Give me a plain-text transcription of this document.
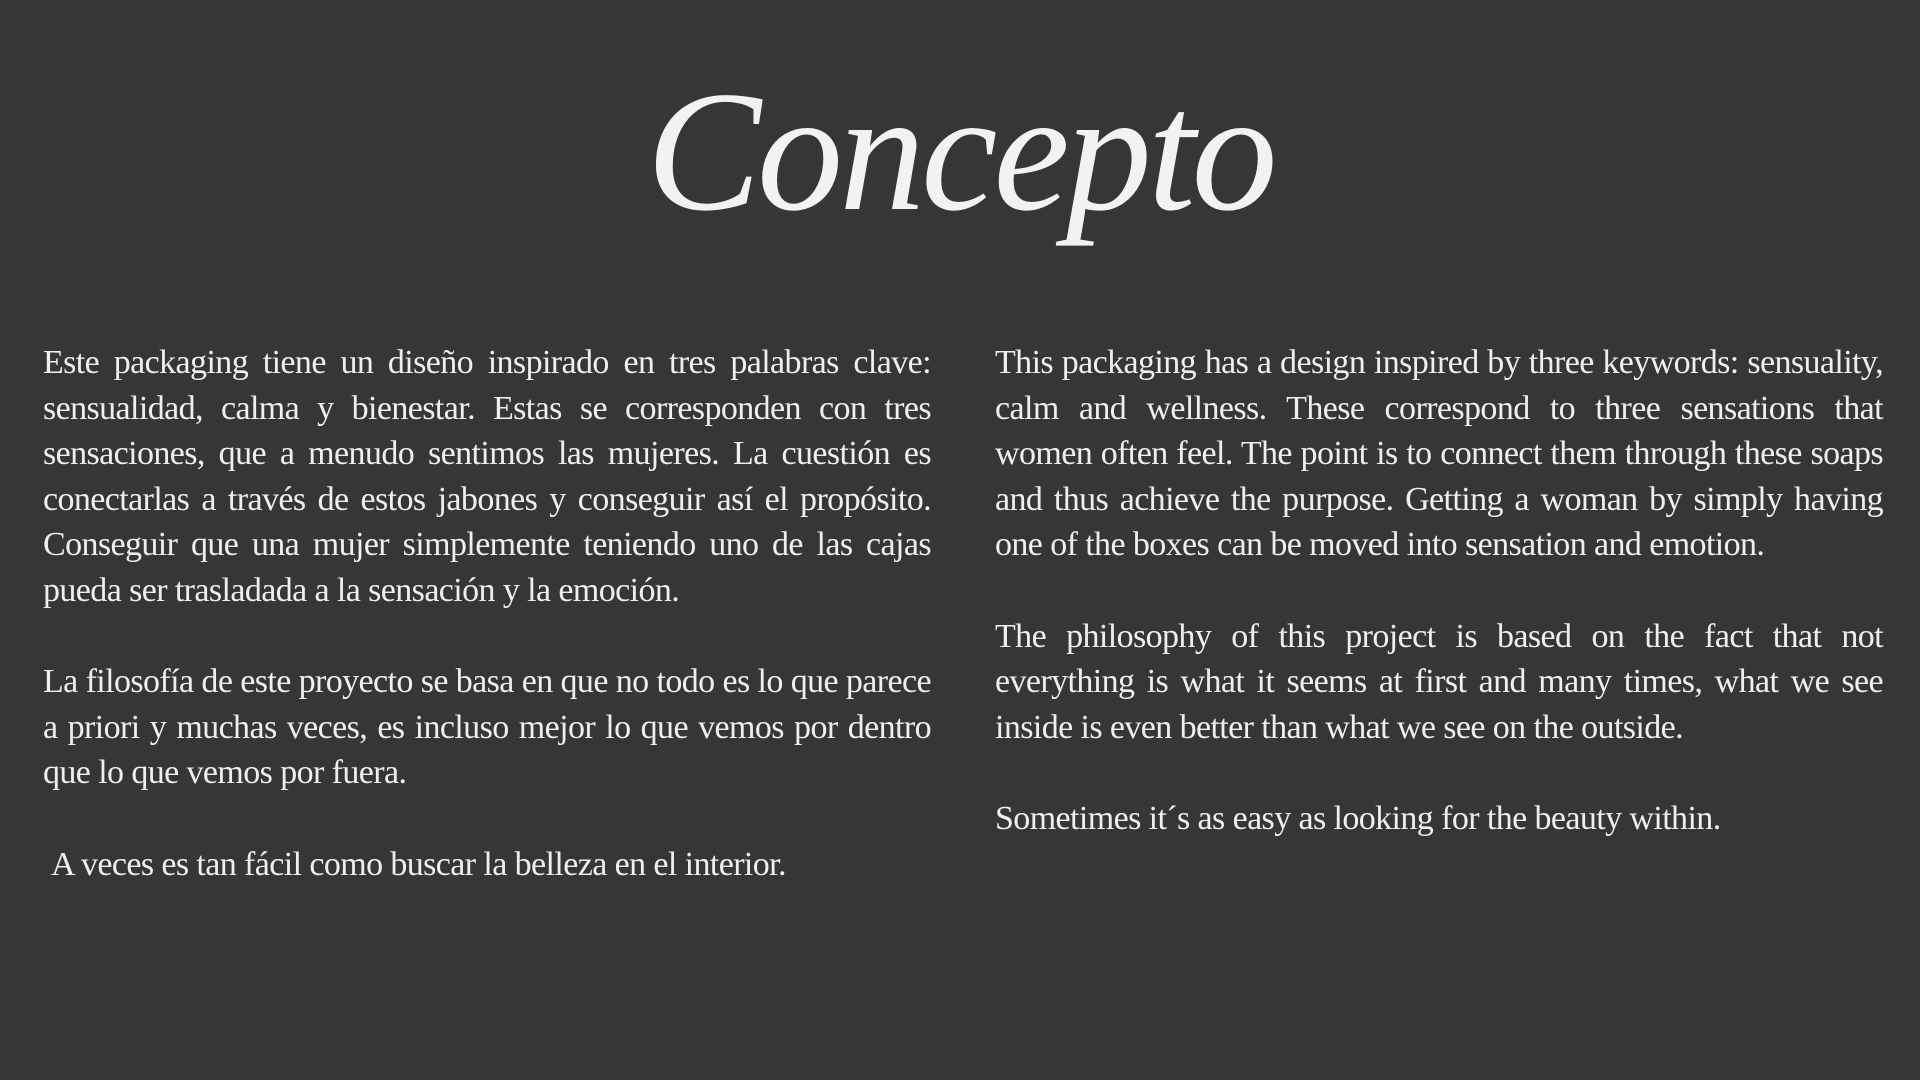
Concepto

Este packaging tiene un diseño inspirado en tres palabras clave: sensualidad, calma y bienestar. Estas se corresponden con tres sensaciones, que a menudo sentimos las mujeres. La cuestión es conectarlas a través de estos jabones y conseguir así el propósito. Conseguir que una mujer simplemente teniendo uno de las cajas pueda ser trasladada a la sensación y la emoción.

La filosofía de este proyecto se basa en que no todo es lo que parece a priori y muchas veces, es incluso mejor lo que vemos por dentro que lo que vemos por fuera.

A veces es tan fácil como buscar la belleza en el interior.

This packaging has a design inspired by three keywords: sensuality, calm and wellness. These correspond to three sensations that women often feel. The point is to connect them through these soaps and thus achieve the purpose. Getting a woman by simply having one of the boxes can be moved into sensation and emotion.

The philosophy of this project is based on the fact that not everything is what it seems at first and many times, what we see inside is even better than what we see on the outside.

Sometimes it´s as easy as looking for the beauty within.
